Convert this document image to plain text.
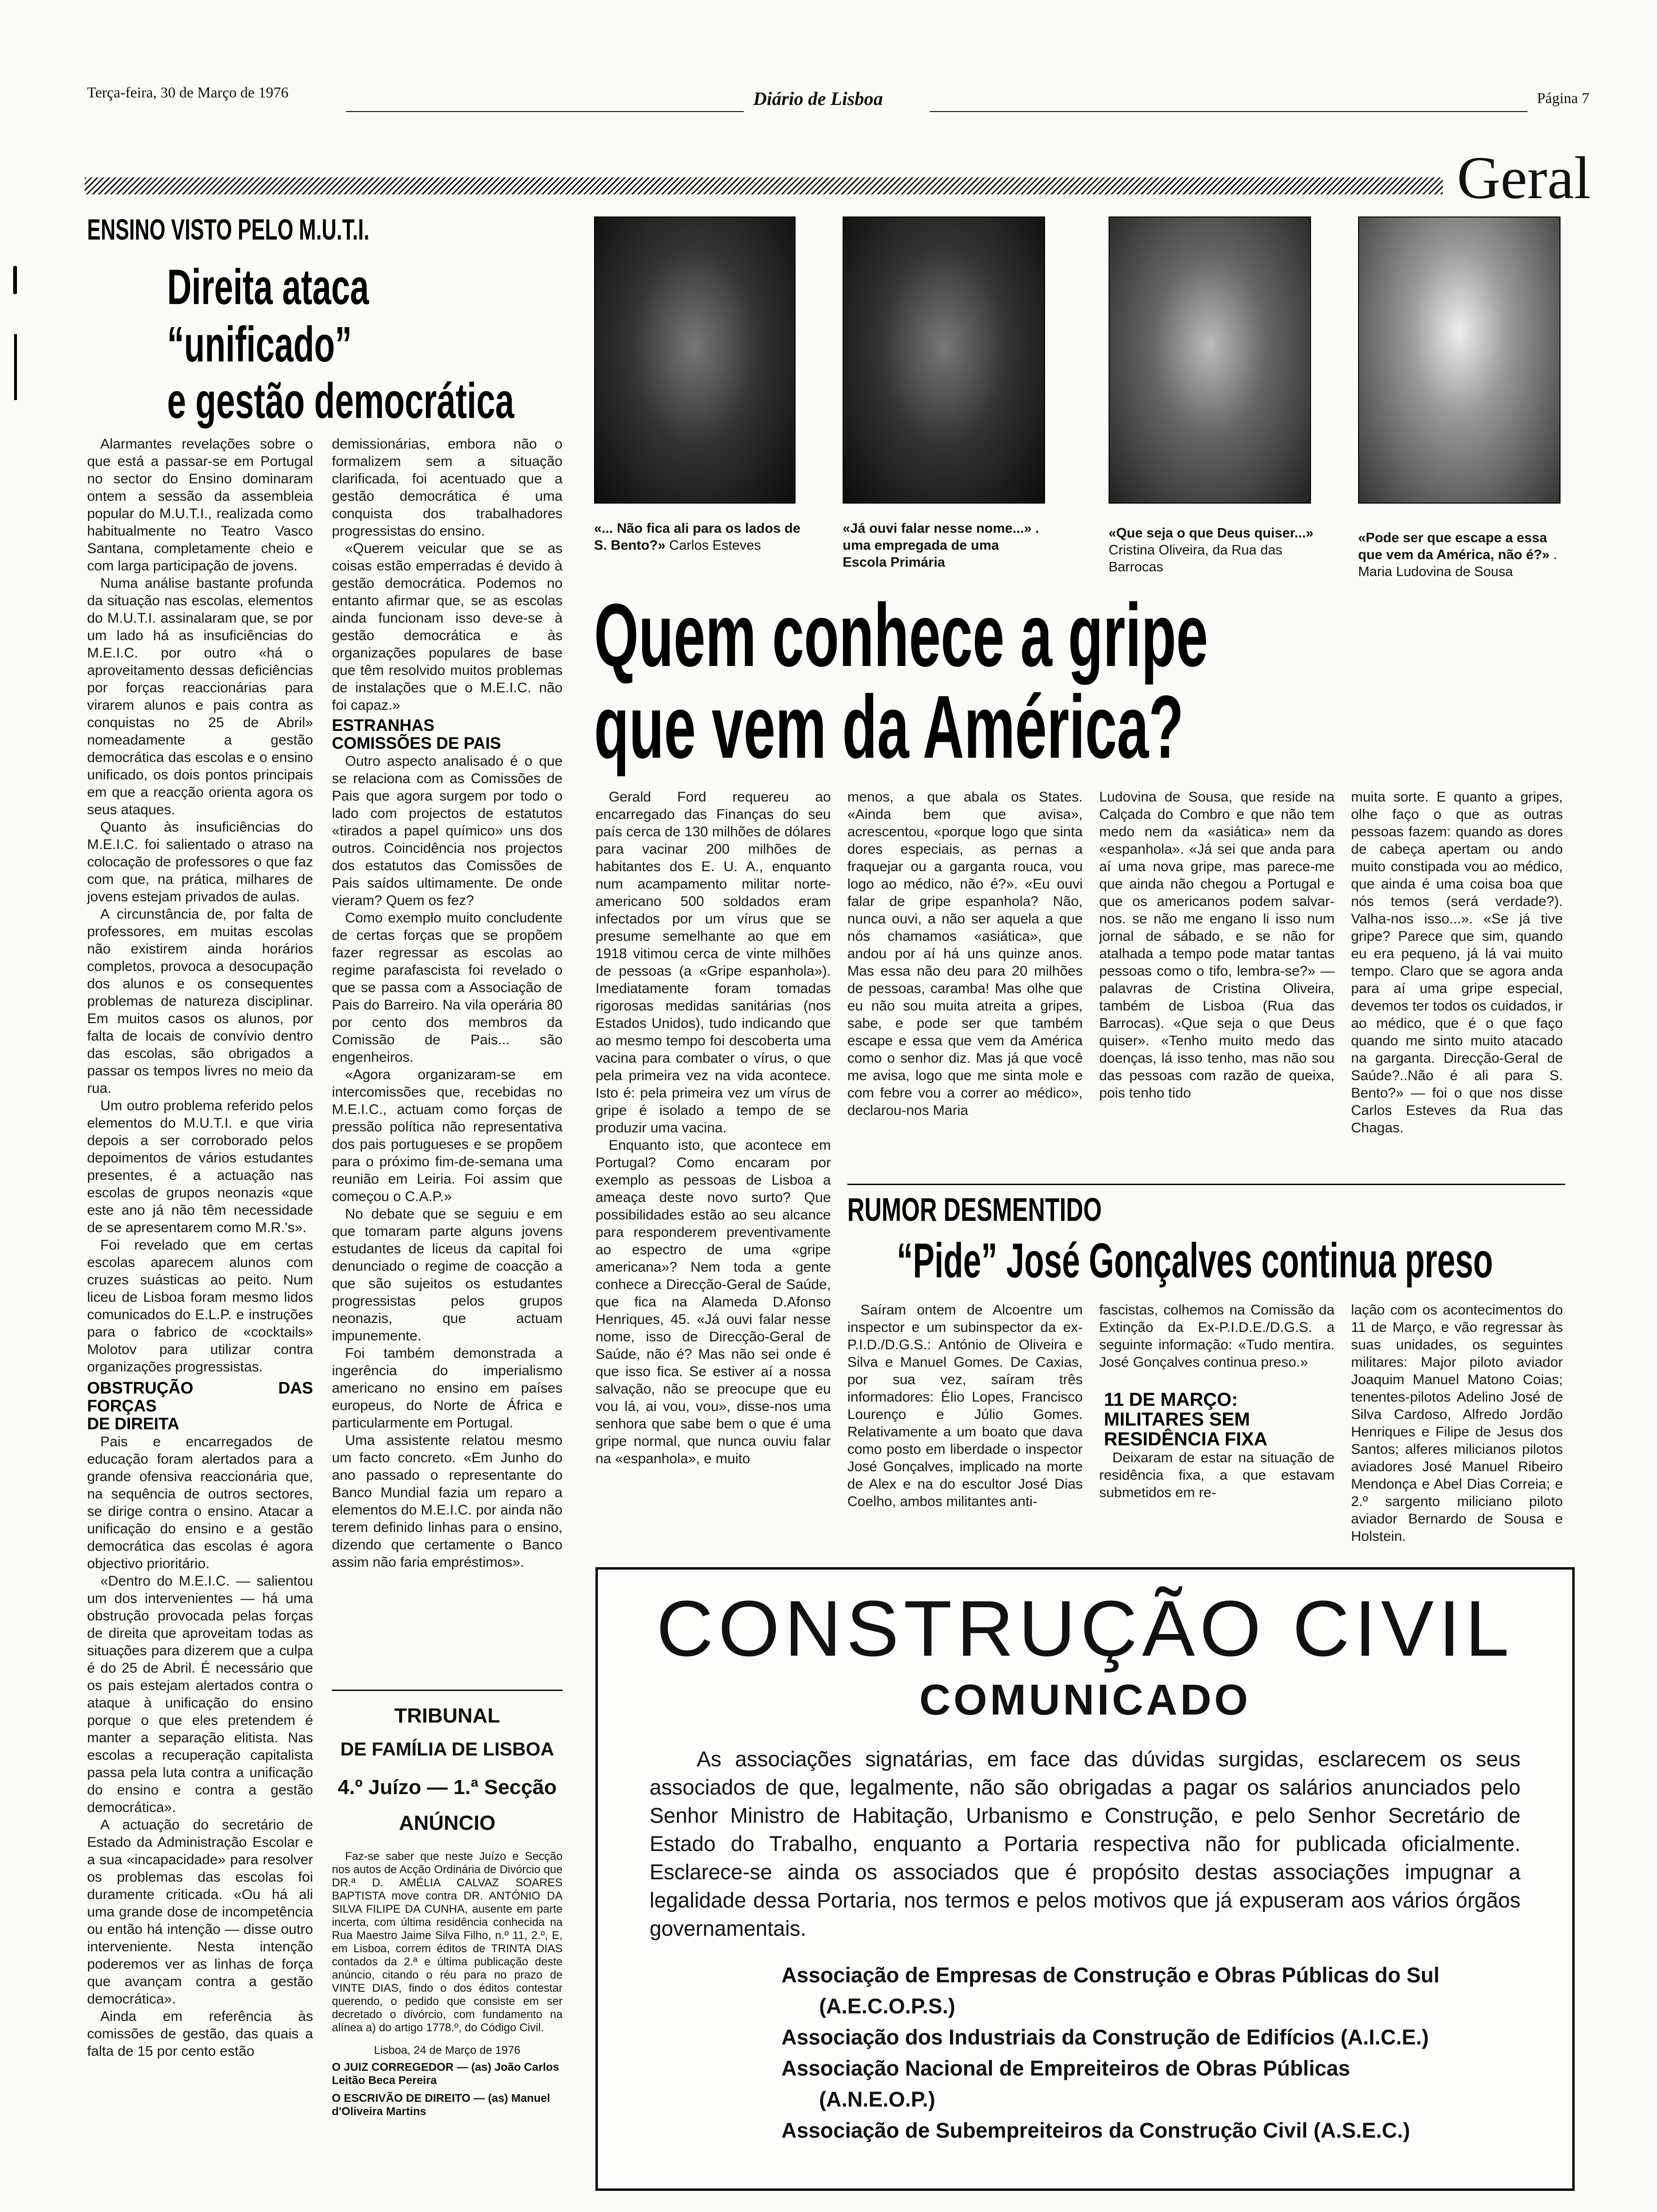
Terça-feira, 30 de Março de 1976	Diário de Lisboa	Página 7
Geral
ENSINO VISTO PELO M.U.T.I.
Direita ataca
“unificado”
e gestão democrática

Alarmantes revelações sobre o que está a passar-se em Portugal no sector do Ensino dominaram ontem a sessão da assembleia popular do M.U.T.I., realizada como habitualmente no Teatro Vasco Santana, completamente cheio e com larga participação de jovens.

Numa análise bastante profunda da situação nas escolas, elementos do M.U.T.I. assinalaram que, se por um lado há as insuficiências do M.E.I.C. por outro «há o aproveitamento dessas deficiências por forças reaccionárias para virarem alunos e pais contra as conquistas no 25 de Abril» nomeadamente a gestão democrática das escolas e o ensino unificado, os dois pontos principais em que a reacção orienta agora os seus ataques.

Quanto às insuficiências do M.E.I.C. foi salientado o atraso na colocação de professores o que faz com que, na prática, milhares de jovens estejam privados de aulas.

A circunstância de, por falta de professores, em muitas escolas não existirem ainda horários completos, provoca a desocupação dos alunos e os consequentes problemas de natureza disciplinar. Em muitos casos os alunos, por falta de locais de convívio dentro das escolas, são obrigados a passar os tempos livres no meio da rua.

Um outro problema referido pelos elementos do M.U.T.I. e que viria depois a ser corroborado pelos depoimentos de vários estudantes presentes, é a actuação nas escolas de grupos neonazis «que este ano já não têm necessidade de se apresentarem como M.R.'s».

Foi revelado que em certas escolas aparecem alunos com cruzes suásticas ao peito. Num liceu de Lisboa foram mesmo lidos comunicados do E.L.P. e instruções para o fabrico de «cocktails» Molotov para utilizar contra organizações progressistas.

OBSTRUÇÃO	DAS
FORÇAS
DE DIREITA

Pais e encarregados de educação foram alertados para a grande ofensiva reaccionária que, na sequência de outros sectores, se dirige contra o ensino. Atacar a unificação do ensino e a gestão democrática das escolas é agora objectivo prioritário.

«Dentro do M.E.I.C. — salientou um dos intervenientes — há uma obstrução provocada pelas forças de direita que aproveitam todas as situações para dizerem que a culpa é do 25 de Abril. É necessário que os pais estejam alertados contra o ataque à unificação do ensino porque o que eles pretendem é manter a separação elitista. Nas escolas a recuperação capitalista passa pela luta contra a unificação do ensino e contra a gestão democrática».

A actuação do secretário de Estado da Administração Escolar e a sua «incapacidade» para resolver os problemas das escolas foi duramente criticada. «Ou há ali uma grande dose de incompetência ou então há intenção — disse outro interveniente. Nesta intenção poderemos ver as linhas de força que avançam contra a gestão democrática».

Ainda em referência às comissões de gestão, das quais a falta de 15 por cento estão

demissionárias, embora não o formalizem sem a situação clarificada, foi acentuado que a gestão democrática é uma conquista dos trabalhadores progressistas do ensino.

«Querem veicular que se as coisas estão emperradas é devido à gestão democrática. Podemos no entanto afirmar que, se as escolas ainda funcionam isso deve-se à gestão democrática e às organizações populares de base que têm resolvido muitos problemas de instalações que o M.E.I.C. não foi capaz.»

ESTRANHAS
COMISSÕES DE PAIS

Outro aspecto analisado é o que se relaciona com as Comissões de Pais que agora surgem por todo o lado com projectos de estatutos «tirados a papel químico» uns dos outros. Coincidência nos projectos dos estatutos das Comissões de Pais saídos ultimamente. De onde vieram? Quem os fez?

Como exemplo muito concludente de certas forças que se propõem fazer regressar as escolas ao regime parafascista foi revelado o que se passa com a Associação de Pais do Barreiro. Na vila operária 80 por cento dos membros da Comissão de Pais... são engenheiros.

«Agora organizaram-se em intercomissões que, recebidas no M.E.I.C., actuam como forças de pressão política não representativa dos pais portugueses e se propõem para o próximo fim-de-semana uma reunião em Leiria. Foi assim que começou o C.A.P.»

No debate que se seguiu e em que tomaram parte alguns jovens estudantes de liceus da capital foi denunciado o regime de coacção a que são sujeitos os estudantes progressistas pelos grupos neonazis, que actuam impunemente.

Foi também demonstrada a ingerência do imperialismo americano no ensino em países europeus, do Norte de África e particularmente em Portugal.

Uma assistente relatou mesmo um facto concreto. «Em Junho do ano passado o representante do Banco Mundial fazia um reparo a elementos do M.E.I.C. por ainda não terem definido linhas para o ensino, dizendo que certamente o Banco assim não faria empréstimos».

TRIBUNAL
DE FAMÍLIA DE LISBOA
4.º Juízo — 1.ª Secção
ANÚNCIO

Faz-se saber que neste Juízo e Secção nos autos de Acção Ordinária de Divórcio que DR.ª D. AMÉLIA CALVAZ SOARES BAPTISTA move contra DR. ANTÓNIO DA SILVA FILIPE DA CUNHA, ausente em parte incerta, com última residência conhecida na Rua Maestro Jaime Silva Filho, n.º 11, 2.º, E, em Lisboa, correm éditos de TRINTA DIAS contados da 2.ª e última publicação deste anúncio, citando o réu para no prazo de VINTE DIAS, findo o dos éditos contestar querendo, o pedido que consiste em ser decretado o divórcio, com fundamento na alínea a) do artigo 1778.º, do Código Civil.

Lisboa, 24 de Março de 1976

O JUIZ CORREGEDOR — (as) João Carlos Leitão Beca Pereira

O ESCRIVÃO DE DIREITO — (as) Manuel d'Oliveira Martins

«... Não fica ali para os lados de S. Bento?» Carlos Esteves
«Já ouvi falar nesse nome...» . uma empregada de uma Escola Primária
«Que seja o que Deus quiser...» Cristina Oliveira, da Rua das Barrocas
«Pode ser que escape a essa que vem da América, não é?» . Maria Ludovina de Sousa
Quem conhece a gripe
que vem da América?

Gerald Ford requereu ao encarregado das Finanças do seu país cerca de 130 milhões de dólares para vacinar 200 milhões de habitantes dos E. U. A., enquanto num acampamento militar norte-americano 500 soldados eram infectados por um vírus que se presume semelhante ao que em 1918 vitimou cerca de vinte milhões de pessoas (a «Gripe espanhola»). Imediatamente foram tomadas rigorosas medidas sanitárias (nos Estados Unidos), tudo indicando que ao mesmo tempo foi descoberta uma vacina para combater o vírus, o que pela primeira vez na vida acontece. Isto é: pela primeira vez um vírus de gripe é isolado a tempo de se produzir uma vacina.

Enquanto isto, que acontece em Portugal? Como encaram por exemplo as pessoas de Lisboa a ameaça deste novo surto? Que possibilidades estão ao seu alcance para responderem preventivamente ao espectro de uma «gripe americana»? Nem toda a gente conhece a Direcção-Geral de Saúde, que fica na Alameda D.Afonso Henriques, 45. «Já ouvi falar nesse nome, isso de Direcção-Geral de Saúde, não é? Mas não sei onde é que isso fica. Se estiver aí a nossa salvação, não se preocupe que eu vou lá, ai vou, vou», disse-nos uma senhora que sabe bem o que é uma gripe normal, que nunca ouviu falar na «espanhola», e muito

menos, a que abala os States. «Ainda bem que avisa», acrescentou, «porque logo que sinta dores especiais, as pernas a fraquejar ou a garganta rouca, vou logo ao médico, não é?». «Eu ouvi falar de gripe espanhola? Não, nunca ouvi, a não ser aquela a que nós chamamos «asiática», que andou por aí há uns quinze anos. Mas essa não deu para 20 milhões de pessoas, caramba! Mas olhe que eu não sou muita atreita a gripes, sabe, e pode ser que também escape e essa que vem da América como o senhor diz. Mas já que você me avisa, logo que me sinta mole e com febre vou a correr ao médico», declarou-nos Maria

Ludovina de Sousa, que reside na Calçada do Combro e que não tem medo nem da «asiática» nem da «espanhola». «Já sei que anda para aí uma nova gripe, mas parece-me que ainda não chegou a Portugal e que os americanos podem salvar-nos. se não me engano li isso num jornal de sábado, e se não for atalhada a tempo pode matar tantas pessoas como o tifo, lembra-se?» — palavras de Cristina Oliveira, também de Lisboa (Rua das Barrocas). «Que seja o que Deus quiser». «Tenho muito medo das doenças, lá isso tenho, mas não sou das pessoas com razão de queixa, pois tenho tido

muita sorte. E quanto a gripes, olhe faço o que as outras pessoas fazem: quando as dores de cabeça apertam ou ando muito constipada vou ao médico, que ainda é uma coisa boa que nós temos (será verdade?). Valha-nos isso...». «Se já tive gripe? Parece que sim, quando eu era pequeno, já lá vai muito tempo. Claro que se agora anda para aí uma gripe especial, devemos ter todos os cuidados, ir ao médico, que é o que faço quando me sinto muito atacado na garganta. Direcção-Geral de Saúde?..Não é ali para S. Bento?» — foi o que nos disse Carlos Esteves da Rua das Chagas.

RUMOR DESMENTIDO
“Pide” José Gonçalves continua preso

Saíram ontem de Alcoentre um inspector e um subinspector da ex-P.I.D./D.G.S.: António de Oliveira e Silva e Manuel Gomes. De Caxias, por sua vez, saíram três informadores: Élio Lopes, Francisco Lourenço e Júlio Gomes. Relativamente a um boato que dava como posto em liberdade o inspector José Gonçalves, implicado na morte de Alex e na do escultor José Dias Coelho, ambos militantes anti-

fascistas, colhemos na Comissão da Extinção da Ex-P.I.D.E./D.G.S. a seguinte informação: «Tudo mentira. José Gonçalves continua preso.»

11 DE MARÇO: MILITARES SEM RESIDÊNCIA FIXA

Deixaram de estar na situação de residência fixa, a que estavam submetidos em re-

lação com os acontecimentos do 11 de Março, e vão regressar às suas unidades, os seguintes militares: Major piloto aviador Joaquim Manuel Matono Coias; tenentes-pilotos Adelino José de Silva Cardoso, Alfredo Jordão Henriques e Filipe de Jesus dos Santos; alferes milicianos pilotos aviadores José Manuel Ribeiro Mendonça e Abel Dias Correia; e 2.º sargento miliciano piloto aviador Bernardo de Sousa e Holstein.

CONSTRUÇÃO CIVIL
COMUNICADO

As associações signatárias, em face das dúvidas surgidas, esclarecem os seus associados de que, legalmente, não são obrigadas a pagar os salários anunciados pelo Senhor Ministro de Habitação, Urbanismo e Construção, e pelo Senhor Secretário de Estado do Trabalho, enquanto a Portaria respectiva não for publicada oficialmente. Esclarece-se ainda os associados que é propósito destas associações impugnar a legalidade dessa Portaria, nos termos e pelos motivos que já expuseram aos vários órgãos governamentais.

Associação de Empresas de Construção e Obras Públicas do Sul
(A.E.C.O.P.S.)
Associação dos Industriais da Construção de Edifícios (A.I.C.E.)
Associação Nacional de Empreiteiros de Obras Públicas
(A.N.E.O.P.)
Associação de Subempreiteiros da Construção Civil (A.S.E.C.)
